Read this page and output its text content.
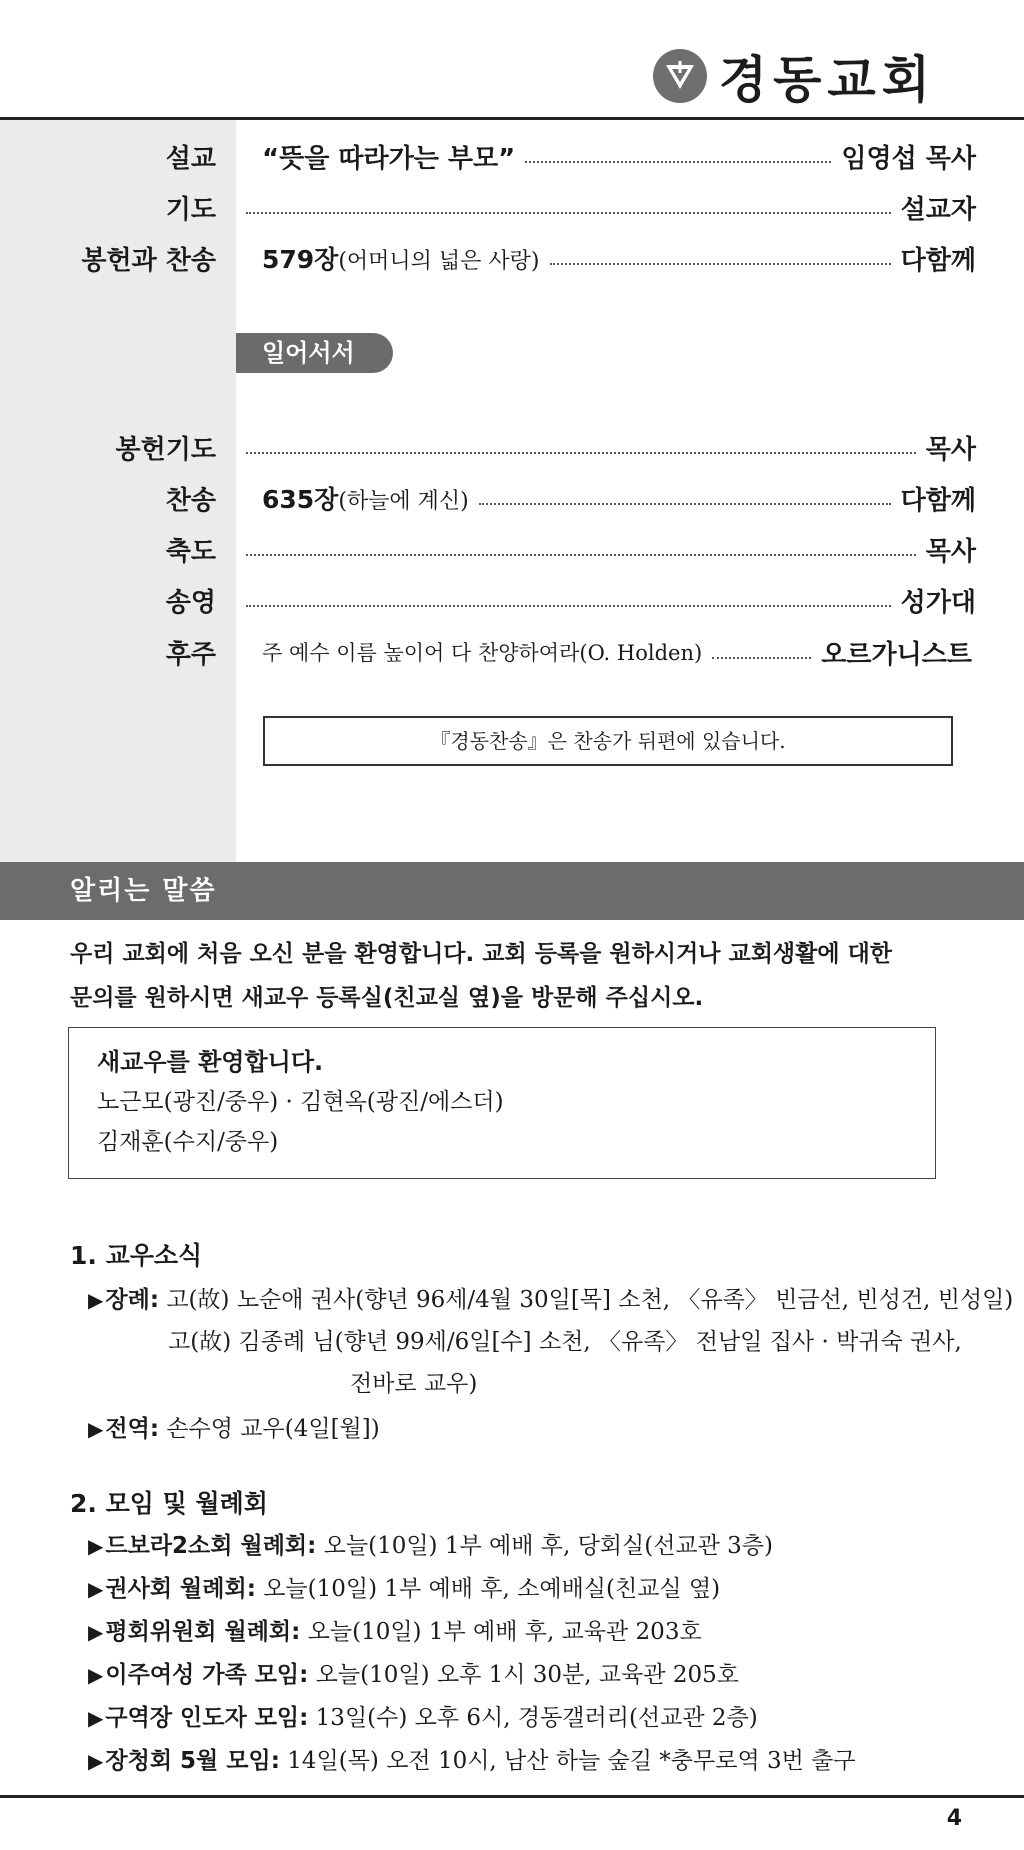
경동교회
설교 “뜻을 따라가는 부모”	임영섭 목사
기도	설교자
봉헌과 찬송 579장(어머니의 넓은 사랑)	다함께
일어서서
봉헌기도	목사
찬송 635장(하늘에 계신)	다함께
축도	목사
송영	성가대
후주 주 예수 이름 높이어 다 찬양하여라(O. Holden)	오르가니스트
『경동찬송』은 찬송가 뒤편에 있습니다.
알리는 말씀
우리 교회에 처음 오신 분을 환영합니다. 교회 등록을 원하시거나 교회생활에 대한
문의를 원하시면 새교우 등록실(친교실 옆)을 방문해 주십시오.
새교우를 환영합니다.
노근모(광진/중우) · 김현옥(광진/에스더)
김재훈(수지/중우)
1. 교우소식
▶장례: 고(故) 노순애 권사(향년 96세/4월 30일[목] 소천, 〈유족〉 빈금선, 빈성건, 빈성일)
고(故) 김종례 님(향년 99세/6일[수] 소천, 〈유족〉 전남일 집사 · 박귀숙 권사,
전바로 교우)
▶전역: 손수영 교우(4일[월])
2. 모임 및 월례회
▶드보라2소회 월례회: 오늘(10일) 1부 예배 후, 당회실(선교관 3층)
▶권사회 월례회: 오늘(10일) 1부 예배 후, 소예배실(친교실 옆)
▶평회위원회 월례회: 오늘(10일) 1부 예배 후, 교육관 203호
▶이주여성 가족 모임: 오늘(10일) 오후 1시 30분, 교육관 205호
▶구역장 인도자 모임: 13일(수) 오후 6시, 경동갤러리(선교관 2층)
▶장청회 5월 모임: 14일(목) 오전 10시, 남산 하늘 숲길 *충무로역 3번 출구
4
